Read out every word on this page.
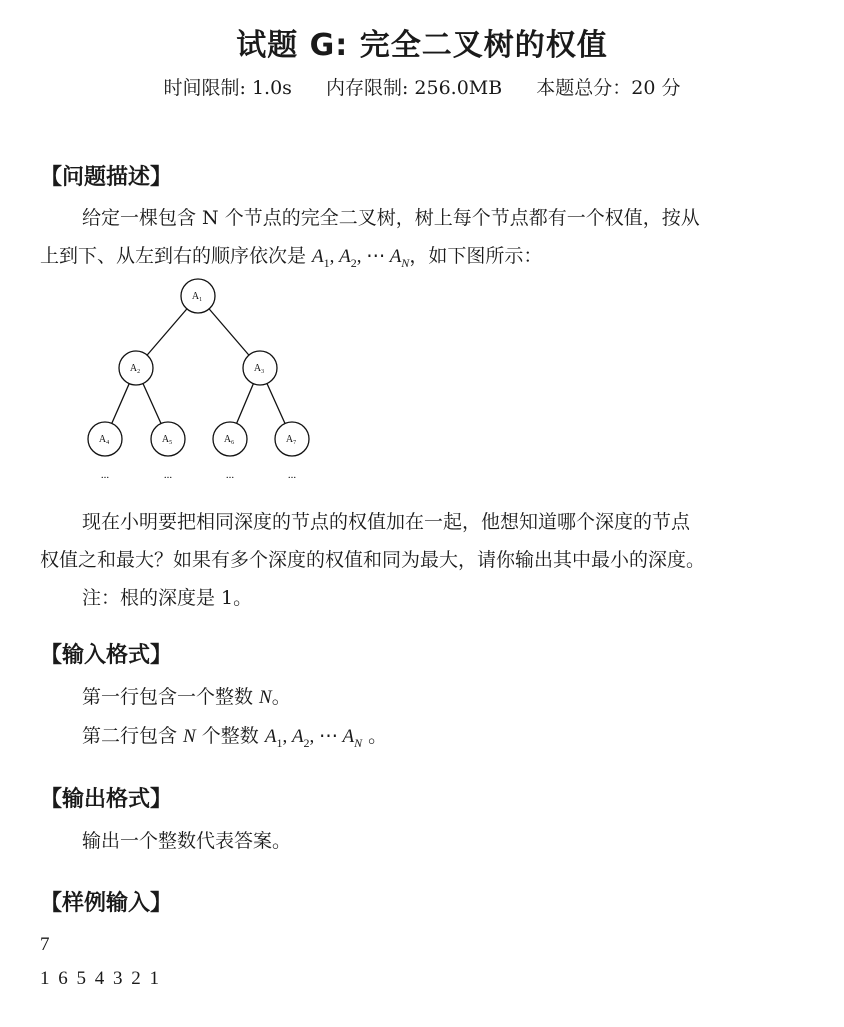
试题 G: 完全二叉树的权值
时间限制: 1.0s 内存限制: 256.0MB 本题总分：20 分
【问题描述】
给定一棵包含 N 个节点的完全二叉树，树上每个节点都有一个权值，按从
上到下、从左到右的顺序依次是 $A_1$, $A_2$, ⋯ $A_N$，如下图所示：
$A_1$
$A_2$	$A_3$
$A_4$	$A_5$	$A_6$	$A_7$
...	...	...	...
现在小明要把相同深度的节点的权值加在一起，他想知道哪个深度的节点
权值之和最大？如果有多个深度的权值和同为最大，请你输出其中最小的深度。
注：根的深度是 1。
【输入格式】
第一行包含一个整数 N。
第二行包含 N 个整数 $A_1$, $A_2$, ⋯ $A_N$ 。
【输出格式】
输出一个整数代表答案。
【样例输入】
7
1 6 5 4 3 2 1
